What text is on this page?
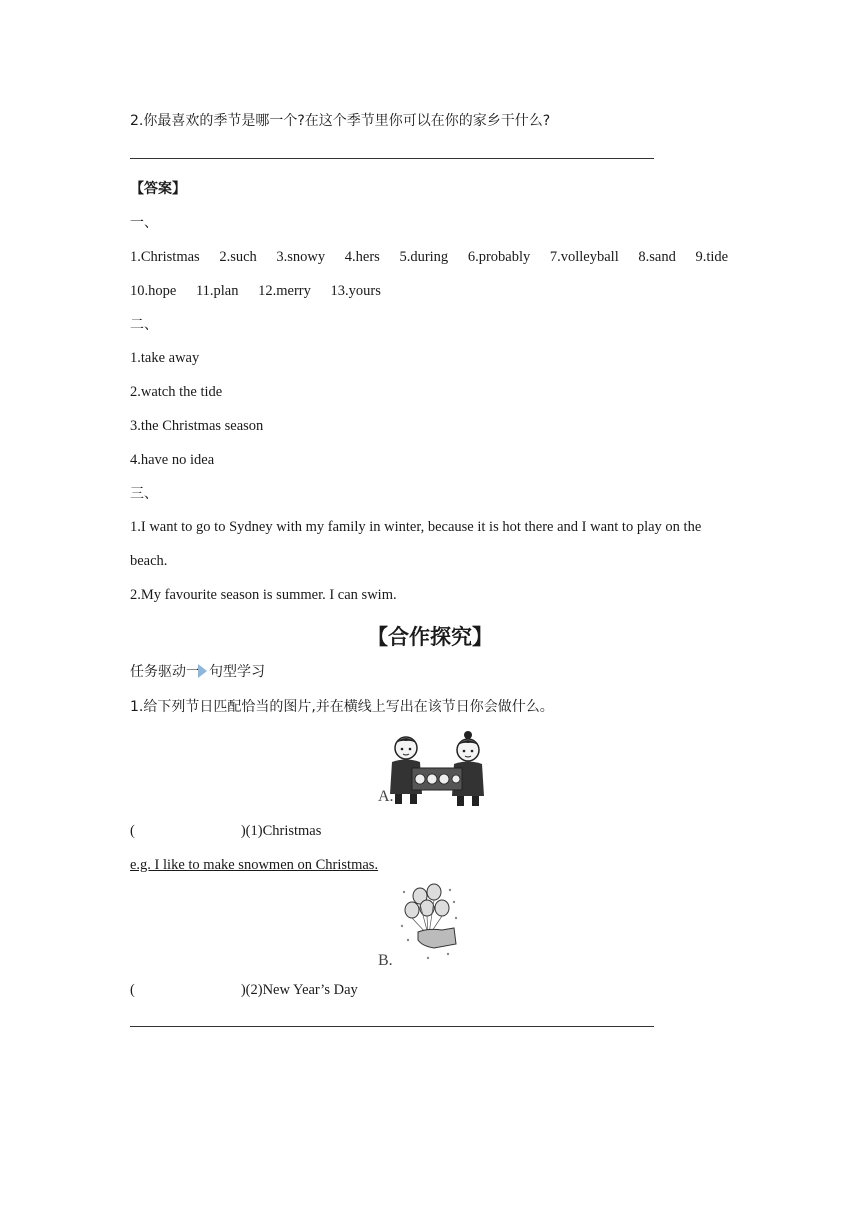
2.你最喜欢的季节是哪一个?在这个季节里你可以在你的家乡干什么?
【答案】
一、
1.Christmas 2.such 3.snowy 4.hers 5.during 6.probably 7.volleyball 8.sand 9.tide
10.hope 11.plan 12.merry 13.yours
二、
1.take away
2.watch the tide
3.the Christmas season
4.have no idea
三、
1.I want to go to Sydney with my family in winter, because it is hot there and I want to play on the
beach.
2.My favourite season is summer. I can swim.
【合作探究】
任务驱动一 句型学习
1.给下列节日匹配恰当的图片,并在横线上写出在该节日你会做什么。
A.
(	)(1)Christmas
e.g. I like to make snowmen on Christmas.
B.
(	)(2)New Year’s Day
